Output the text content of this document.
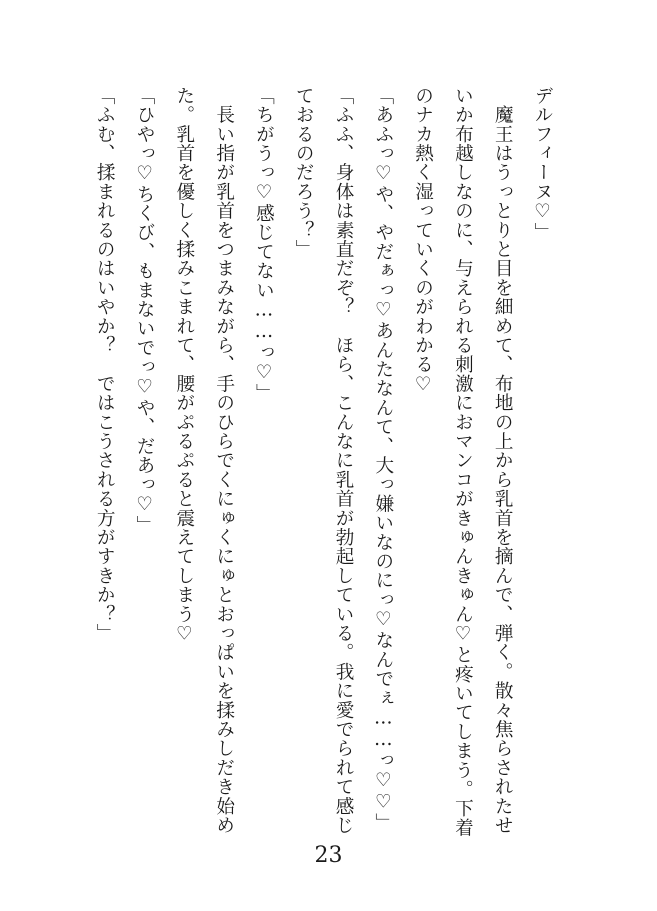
デルフィーヌ♡」
　魔王はうっとりと目を細めて、布地の上から乳首を摘んで、弾く。散々焦らされたせ
いか布越しなのに、与えられる刺激におマンコがきゅんきゅん♡と疼いてしまう。下着
のナカ熱く湿っていくのがわかる♡
「あふっ♡や、やだぁっ♡あんたなんて、大っ嫌いなのにっ♡なんでぇ……っ♡♡」
「ふふ、身体は素直だぞ？　ほら、こんなに乳首が勃起している。我に愛でられて感じ
ておるのだろう？」
「ちがうっ♡感じてない……っ♡」
　長い指が乳首をつまみながら、手のひらでくにゅくにゅとおっぱいを揉みしだき始め
た。乳首を優しく揉みこまれて、腰がぷるぷると震えてしまう♡
「ひやっ♡ちくび、もまないでっ♡や、だあっ♡」
「ふむ、揉まれるのはいやか？　ではこうされる方がすきか？」
23
